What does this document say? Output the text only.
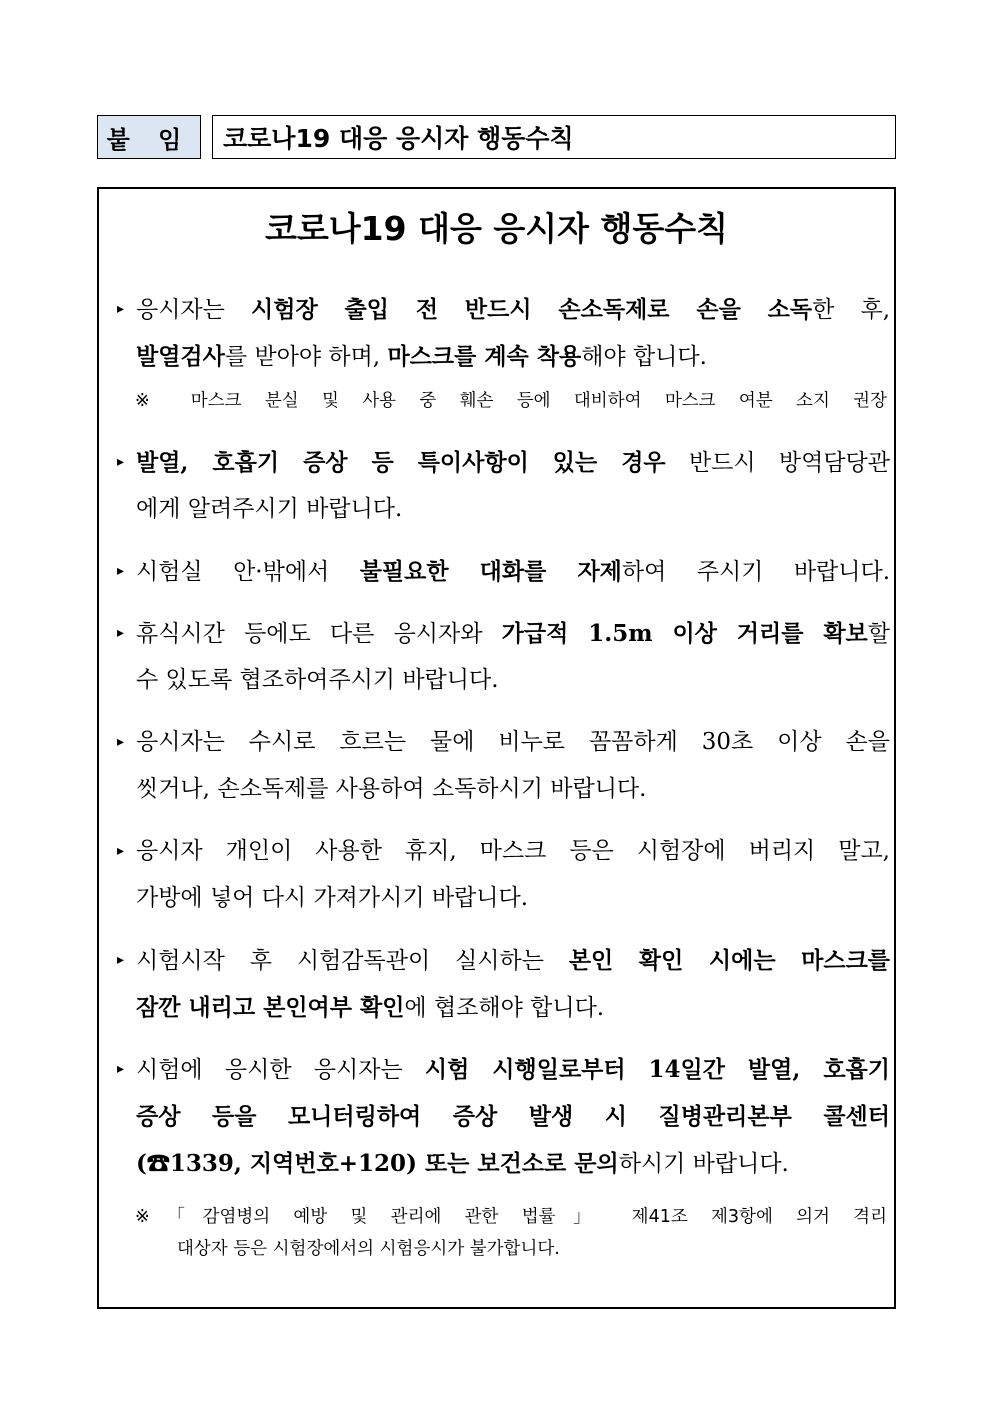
붙 임	코로나19 대응 응시자 행동수칙
코로나19 대응 응시자 행동수칙
▸ 응시자는 시험장 출입 전 반드시 손소독제로 손을 소독한 후,
발열검사를 받아야 하며, 마스크를 계속 착용해야 합니다.
※ 마스크 분실 및 사용 중 훼손 등에 대비하여 마스크 여분 소지 권장
▸ 발열, 호흡기 증상 등 특이사항이 있는 경우 반드시 방역담당관
에게 알려주시기 바랍니다.
▸ 시험실 안·밖에서 불필요한 대화를 자제하여 주시기 바랍니다.
▸ 휴식시간 등에도 다른 응시자와 가급적 1.5m 이상 거리를 확보할
수 있도록 협조하여주시기 바랍니다.
▸ 응시자는 수시로 흐르는 물에 비누로 꼼꼼하게 30초 이상 손을
씻거나, 손소독제를 사용하여 소독하시기 바랍니다.
▸ 응시자 개인이 사용한 휴지, 마스크 등은 시험장에 버리지 말고,
가방에 넣어 다시 가져가시기 바랍니다.
▸ 시험시작 후 시험감독관이 실시하는 본인 확인 시에는 마스크를
잠깐 내리고 본인여부 확인에 협조해야 합니다.
▸ 시험에 응시한 응시자는 시험 시행일로부터 14일간 발열, 호흡기
증상 등을 모니터링하여 증상 발생 시 질병관리본부 콜센터
(☎1339, 지역번호+120) 또는 보건소로 문의하시기 바랍니다.
※「감염병의 예방 및 관리에 관한 법률」 제41조 제3항에 의거 격리
대상자 등은 시험장에서의 시험응시가 불가합니다.
